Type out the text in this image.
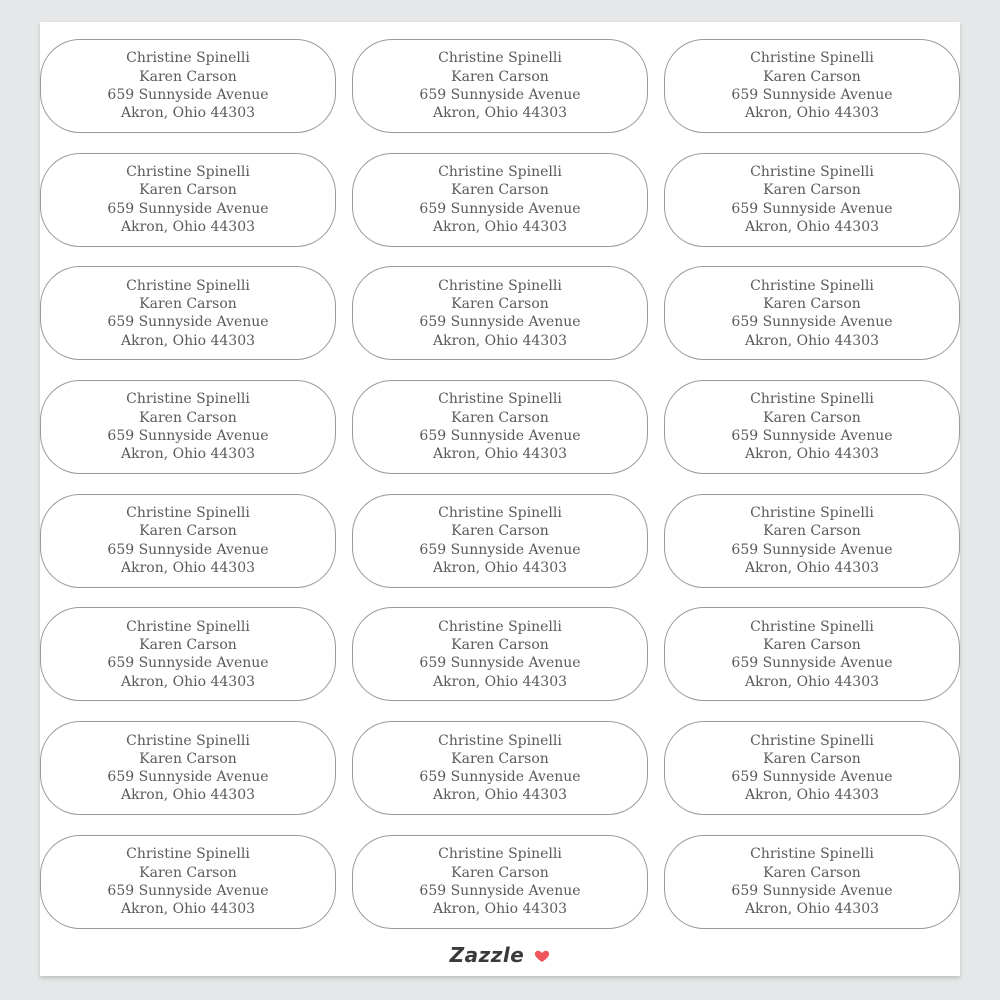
Christine Spinelli
Karen Carson
659 Sunnyside Avenue
Akron, Ohio 44303
Christine Spinelli
Karen Carson
659 Sunnyside Avenue
Akron, Ohio 44303
Christine Spinelli
Karen Carson
659 Sunnyside Avenue
Akron, Ohio 44303
Christine Spinelli
Karen Carson
659 Sunnyside Avenue
Akron, Ohio 44303
Christine Spinelli
Karen Carson
659 Sunnyside Avenue
Akron, Ohio 44303
Christine Spinelli
Karen Carson
659 Sunnyside Avenue
Akron, Ohio 44303
Christine Spinelli
Karen Carson
659 Sunnyside Avenue
Akron, Ohio 44303
Christine Spinelli
Karen Carson
659 Sunnyside Avenue
Akron, Ohio 44303
Christine Spinelli
Karen Carson
659 Sunnyside Avenue
Akron, Ohio 44303
Christine Spinelli
Karen Carson
659 Sunnyside Avenue
Akron, Ohio 44303
Christine Spinelli
Karen Carson
659 Sunnyside Avenue
Akron, Ohio 44303
Christine Spinelli
Karen Carson
659 Sunnyside Avenue
Akron, Ohio 44303
Christine Spinelli
Karen Carson
659 Sunnyside Avenue
Akron, Ohio 44303
Christine Spinelli
Karen Carson
659 Sunnyside Avenue
Akron, Ohio 44303
Christine Spinelli
Karen Carson
659 Sunnyside Avenue
Akron, Ohio 44303
Christine Spinelli
Karen Carson
659 Sunnyside Avenue
Akron, Ohio 44303
Christine Spinelli
Karen Carson
659 Sunnyside Avenue
Akron, Ohio 44303
Christine Spinelli
Karen Carson
659 Sunnyside Avenue
Akron, Ohio 44303
Christine Spinelli
Karen Carson
659 Sunnyside Avenue
Akron, Ohio 44303
Christine Spinelli
Karen Carson
659 Sunnyside Avenue
Akron, Ohio 44303
Christine Spinelli
Karen Carson
659 Sunnyside Avenue
Akron, Ohio 44303
Christine Spinelli
Karen Carson
659 Sunnyside Avenue
Akron, Ohio 44303
Christine Spinelli
Karen Carson
659 Sunnyside Avenue
Akron, Ohio 44303
Christine Spinelli
Karen Carson
659 Sunnyside Avenue
Akron, Ohio 44303
Zazzle
